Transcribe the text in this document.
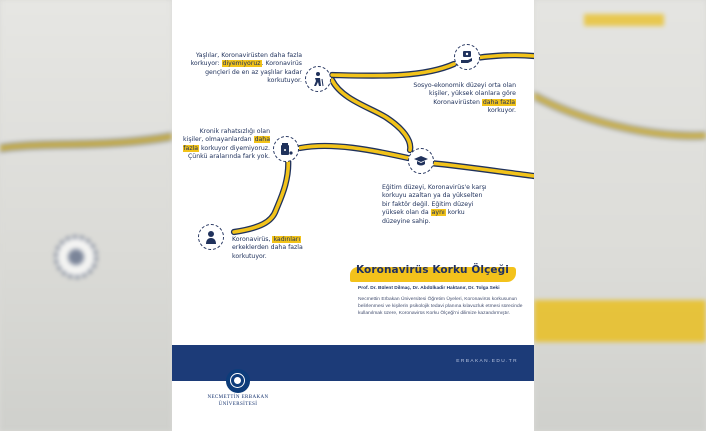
Yaşlılar, Koronavirüsten daha fazla korkuyor: diyemiyoruz. Koronavirüs gençleri de en az yaşlılar kadar korkutuyor.
Sosyo-ekonomik düzeyi orta olan kişiler, yüksek olanlara göre Koronavirüsten daha fazla korkuyor.
Kronik rahatsızlığı olan kişiler, olmayanlardan daha fazla korkuyor diyemiyoruz. Çünkü aralarında fark yok.
Eğitim düzeyi, Koronavirüs'e karşı korkuyu azaltan ya da yükselten bir faktör değil. Eğitim düzeyi yüksek olan da aynı korku düzeyine sahip.
Koronavirüs, kadınları erkeklerden daha fazla korkutuyor.
Koronavirüs Korku Ölçeği
Prof. Dr. Bülent Dilmaç, Dr. Abdülkadir Haktanır, Dr. Tolga Seki
Necmettin Erbakan Üniversitesi Öğretim Üyeleri, Koronavirüs korkusunun belirlenmesi ve kişilerin psikolojik tedavi planına kılavuzluk etmesi sürecinde kullanılmak üzere, Koronavirüs Korku Ölçeği'ni dilimize kazandırmıştır.
ERBAKAN.EDU.TR
NECMETTİN ERBAKAN ÜNİVERSİTESİ
